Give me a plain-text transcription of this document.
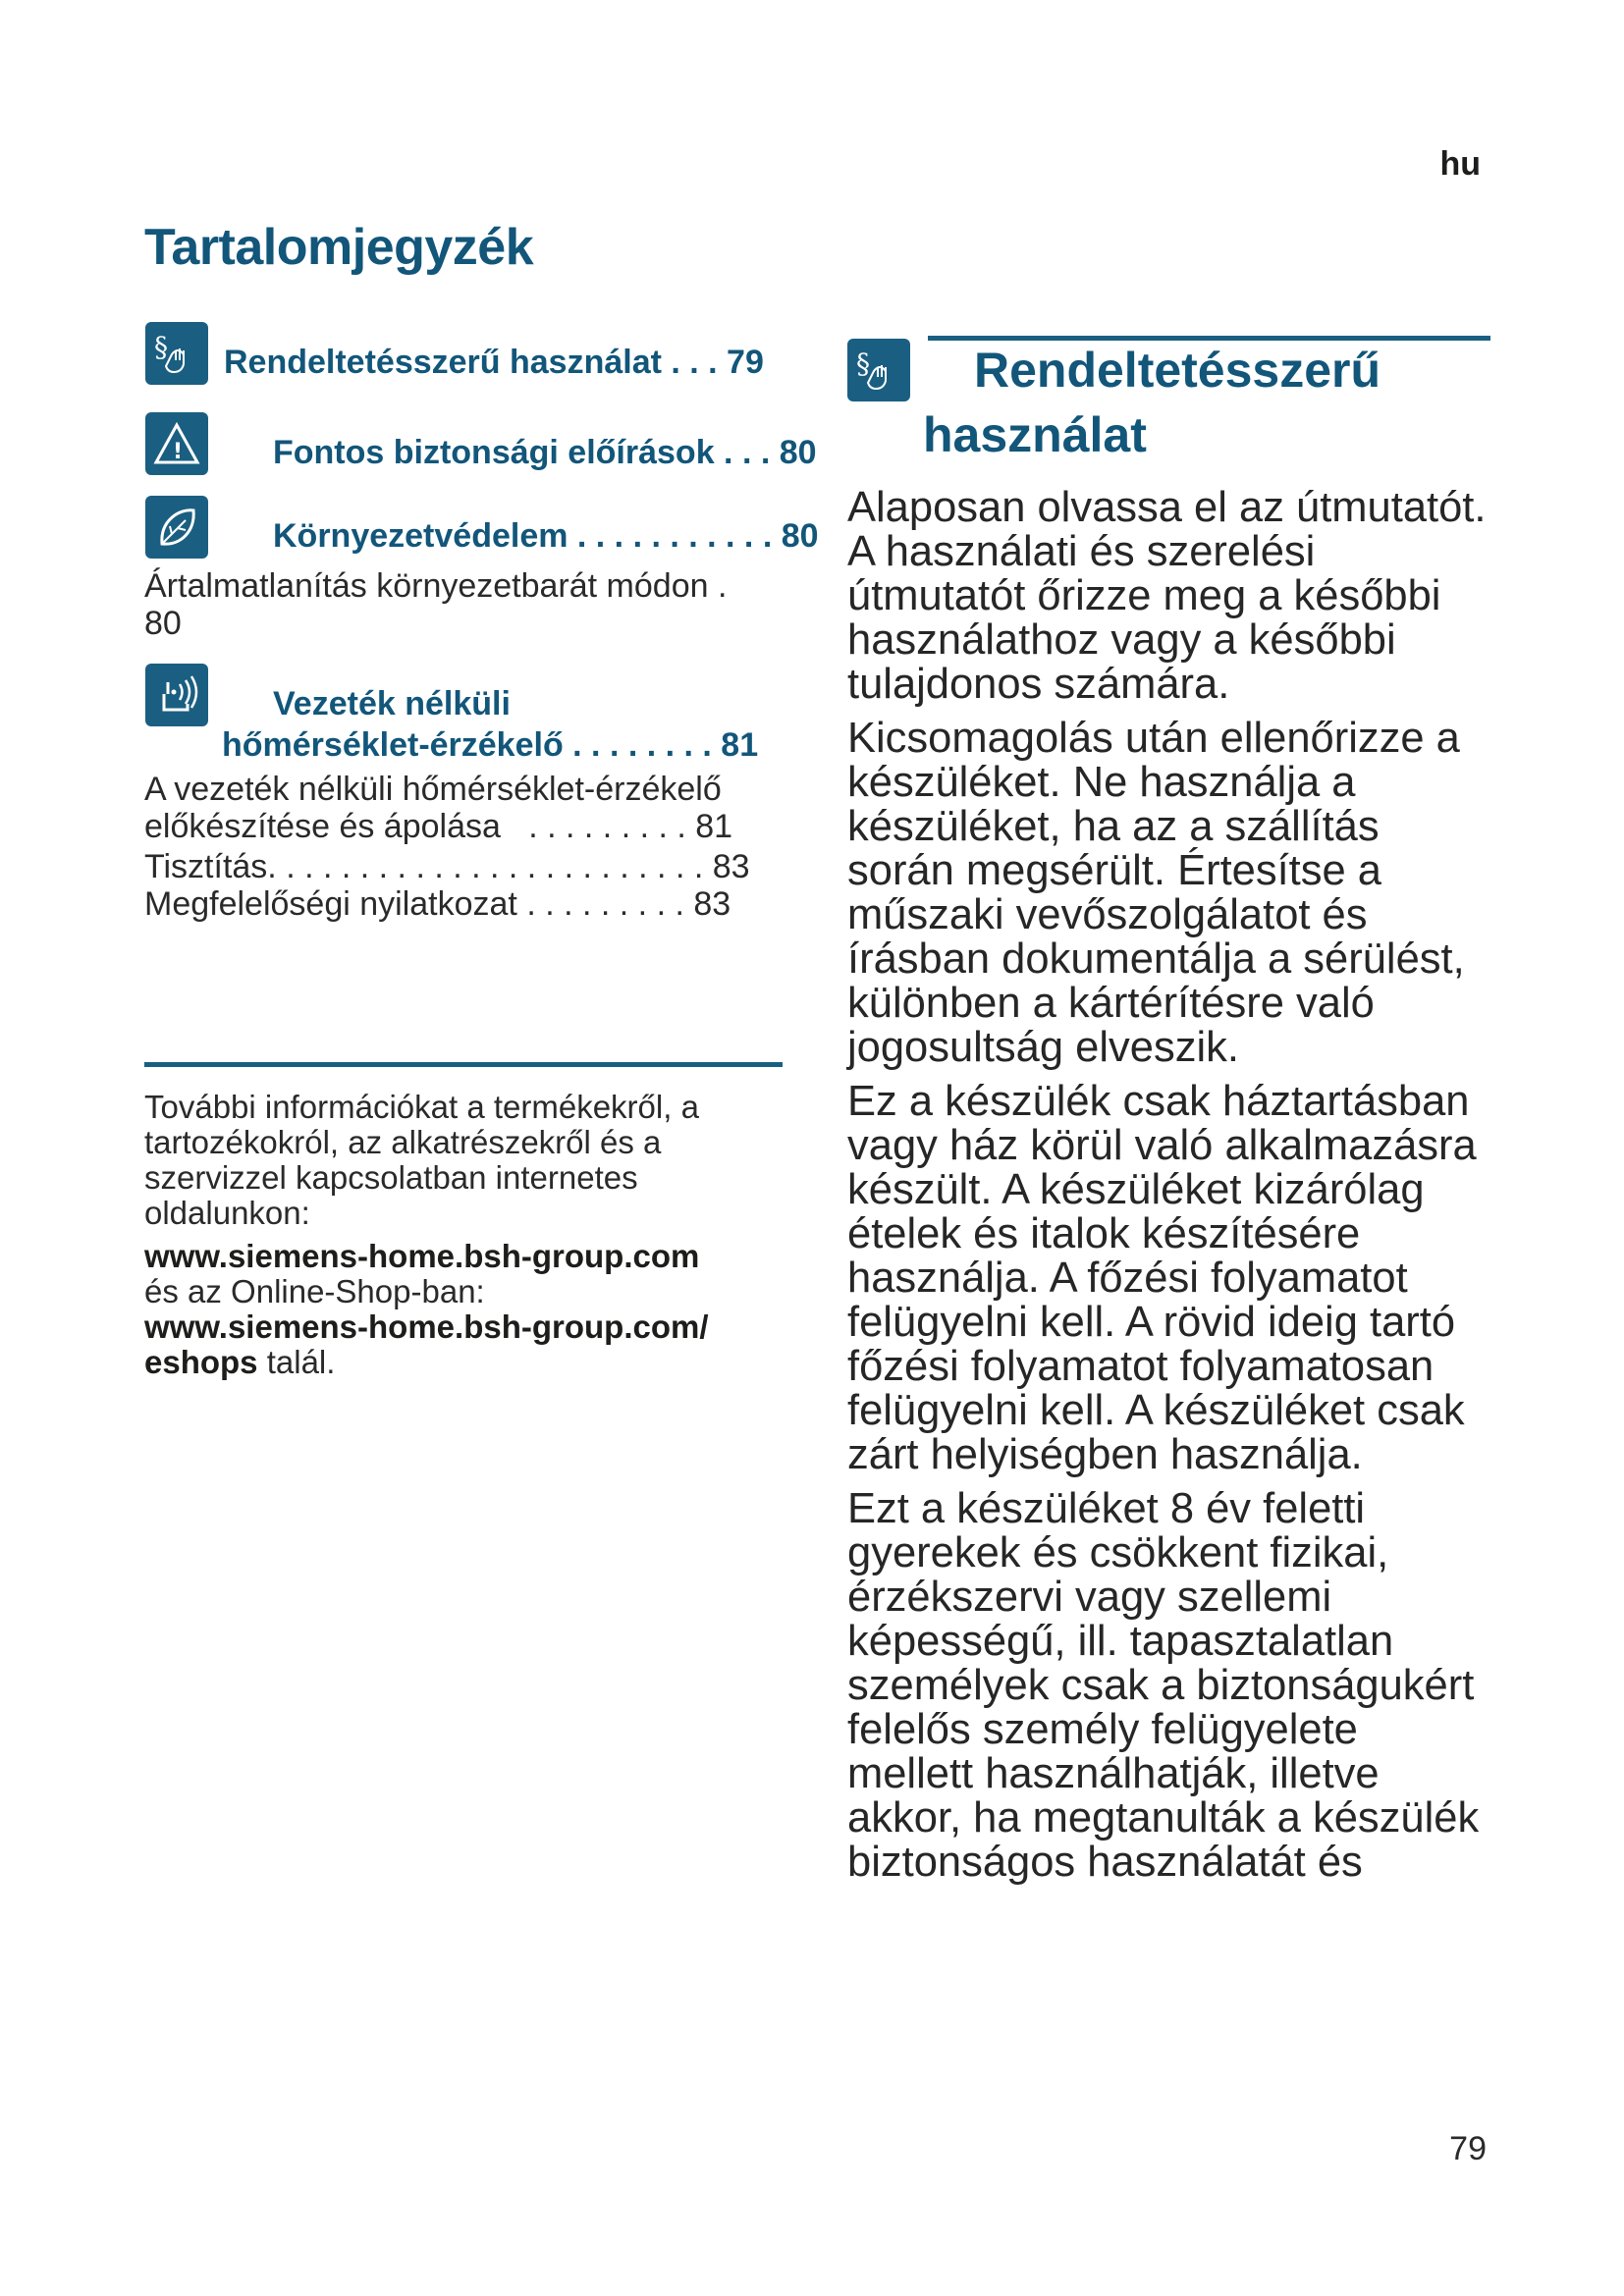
hu
Tartalomjegyzék
§ Rendeltetésszerű használat . . . 79
!	Fontos biztonsági előírások . . . 80
Környezetvédelem . . . . . . . . . . . 80
Ártalmatlanítás környezetbarát módon .
80
Vezeték nélküli
hőmérséklet-érzékelő . . . . . . . . 81
A vezeték nélküli hőmérséklet-érzékelő
előkészítése és ápolása   . . . . . . . . . 81
Tisztítás. . . . . . . . . . . . . . . . . . . . . . . . 83
Megfelelőségi nyilatkozat . . . . . . . . . 83

További információkat a termékekről, a tartozékokról, az alkatrészekről és a szervizzel kapcsolatban internetes oldalunkon:

www.siemens-home.bsh-group.com

és az Online-Shop-ban:

www.siemens-home.bsh-group.com/

eshops talál.

§ Rendeltetésszerű
használat

Alaposan olvassa el az útmutatót. A használati és szerelési útmutatót őrizze meg a későbbi használathoz vagy a későbbi tulajdonos számára.

Kicsomagolás után ellenőrizze a készüléket. Ne használja a készüléket, ha az a szállítás során megsérült. Értesítse a műszaki vevőszolgálatot és írásban dokumentálja a sérülést, különben a kártérítésre való jogosultság elveszik.

Ez a készülék csak háztartásban vagy ház körül való alkalmazásra készült. A készüléket kizárólag ételek és italok készítésére használja. A főzési folyamatot felügyelni kell. A rövid ideig tartó főzési folyamatot folyamatosan felügyelni kell. A készüléket csak zárt helyiségben használja.

Ezt a készüléket 8 év feletti gyerekek és csökkent fizikai, érzékszervi vagy szellemi képességű, ill. tapasztalatlan személyek csak a biztonságukért felelős személy felügyelete mellett használhatják, illetve akkor, ha megtanulták a készülék biztonságos használatát és

79
